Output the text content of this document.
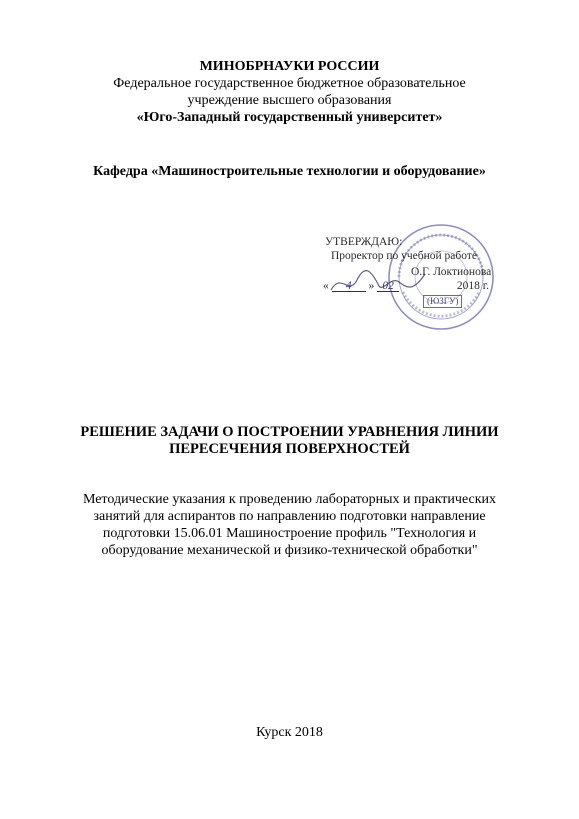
МИНОБРНАУКИ РОССИИ
Федеральное государственное бюджетное образовательное
учреждение высшего образования
«Юго-Западный государственный университет»
Кафедра «Машиностроительные технологии и оборудование»
УТВЕРЖДАЮ:
Проректор по учебной работе
О.Г. Локтионова
« 4 » 02	2018 г.
(ЮЗГУ)
РЕШЕНИЕ ЗАДАЧИ О ПОСТРОЕНИИ УРАВНЕНИЯ ЛИНИИ
ПЕРЕСЕЧЕНИЯ ПОВЕРХНОСТЕЙ
Методические указания к проведению лабораторных и практических
занятий для аспирантов по направлению подготовки направление
подготовки 15.06.01 Машиностроение профиль "Технология и
оборудование механической и физико-технической обработки"
Курск 2018
